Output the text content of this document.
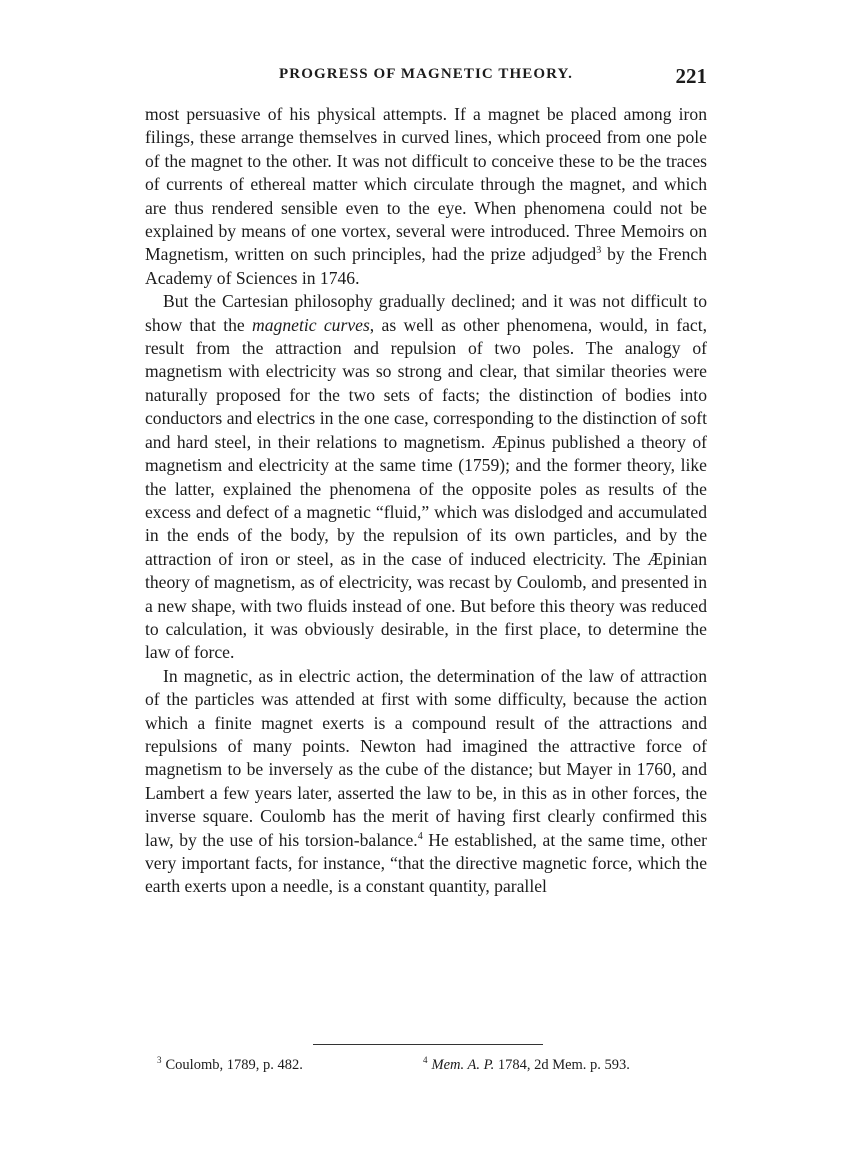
PROGRESS OF MAGNETIC THEORY.	221

most persuasive of his physical attempts. If a magnet be placed among iron filings, these arrange themselves in curved lines, which proceed from one pole of the magnet to the other. It was not difficult to conceive these to be the traces of currents of ethereal matter which circulate through the magnet, and which are thus rendered sensible even to the eye. When phenomena could not be explained by means of one vortex, several were introduced. Three Memoirs on Magnetism, written on such principles, had the prize adjudged$^3$ by the French Academy of Sciences in 1746.

But the Cartesian philosophy gradually declined; and it was not difficult to show that the magnetic curves, as well as other phenomena, would, in fact, result from the attraction and repulsion of two poles. The analogy of magnetism with electricity was so strong and clear, that similar theories were naturally proposed for the two sets of facts; the distinction of bodies into conductors and electrics in the one case, corresponding to the distinction of soft and hard steel, in their relations to magnetism. Æpinus published a theory of magnetism and electricity at the same time (1759); and the former theory, like the latter, explained the phenomena of the opposite poles as results of the excess and defect of a magnetic “fluid,” which was dislodged and accumulated in the ends of the body, by the repulsion of its own particles, and by the attraction of iron or steel, as in the case of induced electricity. The Æpinian theory of magnetism, as of electricity, was recast by Coulomb, and presented in a new shape, with two fluids instead of one. But before this theory was reduced to calculation, it was obviously desirable, in the first place, to determine the law of force.

In magnetic, as in electric action, the determination of the law of attraction of the particles was attended at first with some difficulty, because the action which a finite magnet exerts is a compound result of the attractions and repulsions of many points. Newton had imagined the attractive force of magnetism to be inversely as the cube of the distance; but Mayer in 1760, and Lambert a few years later, asserted the law to be, in this as in other forces, the inverse square. Coulomb has the merit of having first clearly confirmed this law, by the use of his torsion-balance.$^4$ He established, at the same time, other very important facts, for instance, “that the directive magnetic force, which the earth exerts upon a needle, is a constant quantity, parallel

$^3$ Coulomb, 1789, p. 482.	$^4$ Mem. A. P. 1784, 2d Mem. p. 593.
